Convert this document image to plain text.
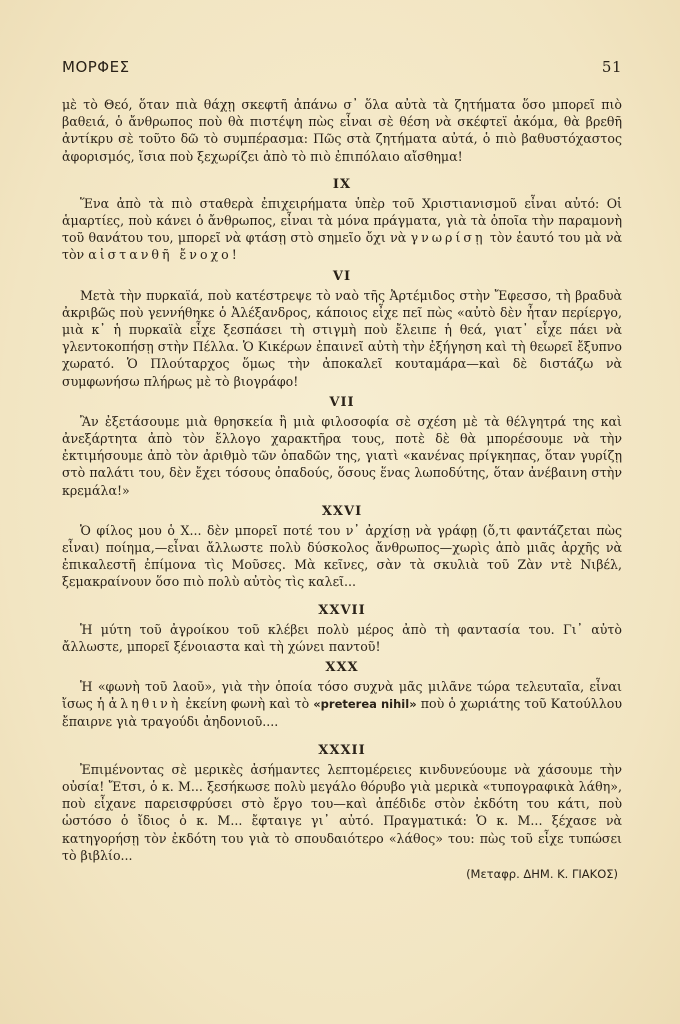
ΜΟΡΦΕΣ	51

μὲ τὸ Θεό, ὅταν πιὰ θάχῃ σκεφτῆ ἀπάνω σ᾽ ὅλα αὐτὰ τὰ ζητήματα ὅσο μπορεῖ πιὸ βαθειά, ὁ ἄνθρωπος ποὺ θὰ πιστέψη πὼς εἶναι σὲ θέση νὰ σκέφτεϊ ἀκόμα, θὰ βρεθῆ ἀντίκρυ σὲ τοῦτο δῶ τὸ συμπέρασμα: Πῶς στὰ ζητήματα αὐτά, ὁ πιὸ βαθυστόχαστος ἀφορισμός, ἴσια ποὺ ξεχωρίζει ἀπὸ τὸ πιὸ ἐπιπόλαιο αἴσθημα!

IX

Ἕνα ἀπὸ τὰ πιὸ σταθερὰ ἐπιχειρήματα ὑπὲρ τοῦ Χριστιανισμοῦ εἶναι αὐτό: Οἱ ἁμαρτίες, ποὺ κάνει ὁ ἄνθρωπος, εἶναι τὰ μόνα πράγματα, γιὰ τὰ ὁποῖα τὴν παραμονὴ τοῦ θανάτου του, μπορεῖ νὰ φτάσῃ στὸ σημεῖο ὄχι νὰ γνωρίσῃ τὸν ἑαυτό του μὰ νὰ τὸν αἰστανθῆ ἔνοχο!

VI

Μετὰ τὴν πυρκαϊά, ποὺ κατέστρεψε τὸ ναὸ τῆς Ἀρτέμιδος στὴν Ἔφεσσο, τὴ βραδυὰ ἀκριβῶς ποὺ γεννήθηκε ὁ Ἀλέξανδρος, κάποιος εἶχε πεῖ πὼς «αὐτὸ δὲν ἦταν περίεργο, μιὰ κ᾽ ἡ πυρκαϊὰ εἶχε ξεσπάσει τὴ στιγμὴ ποὺ ἔλειπε ἡ θεά, γιατ᾽ εἶχε πάει νὰ γλεντοκοπήσῃ στὴν Πέλλα. Ὁ Κικέρων ἐπαινεῖ αὐτὴ τὴν ἐξήγηση καὶ τὴ θεωρεῖ ἔξυπνο χωρατό. Ὁ Πλούταρχος ὅμως τὴν ἀποκαλεῖ κουταμάρα—καὶ δὲ διστάζω νὰ συμφωνήσω πλήρως μὲ τὸ βιογράφο!

VII

Ἂν ἐξετάσουμε μιὰ θρησκεία ἢ μιὰ φιλοσοφία σὲ σχέση μὲ τὰ θέλγητρά της καὶ ἀνεξάρτητα ἀπὸ τὸν ἔλλογο χαρακτῆρα τους, ποτὲ δὲ θὰ μπορέσουμε νὰ τὴν ἐκτιμήσουμε ἀπὸ τὸν ἀριθμὸ τῶν ὀπαδῶν της, γιατὶ «κανένας πρίγκηπας, ὅταν γυρίζῃ στὸ παλάτι του, δὲν ἔχει τόσους ὀπαδούς, ὅσους ἕνας λωποδύτης, ὅταν ἀνέβαινη στὴν κρεμάλα!»

XXVI

Ὁ φίλος μου ὁ Χ... δὲν μπορεῖ ποτέ του ν᾽ ἀρχίσῃ νὰ γράφῃ (ὅ,τι φαντάζεται πὼς εἶναι) ποίημα,—εἶναι ἄλλωστε πολὺ δύσκολος ἄνθρωπος—χωρὶς ἀπὸ μιᾶς ἀρχῆς νὰ ἐπικαλεστῆ ἐπίμονα τὶς Μοῦσες. Μὰ κεῖνες, σὰν τὰ σκυλιὰ τοῦ Ζὰν ντὲ Νιβέλ, ξεμακραίνουν ὅσο πιὸ πολὺ αὐτὸς τὶς καλεῖ...

XXVII

Ἡ μύτη τοῦ ἀγροίκου τοῦ κλέβει πολὺ μέρος ἀπὸ τὴ φαντασία του. Γι᾽ αὐτὸ ἄλλωστε, μπορεῖ ξένοιαστα καὶ τὴ χώνει παντοῦ!

XXX

Ἡ «φωνὴ τοῦ λαοῦ», γιὰ τὴν ὁποία τόσο συχνὰ μᾶς μιλᾶνε τώρα τελευταῖα, εἶναι ἴσως ἡ ἀληθινὴ ἐκείνη φωνὴ καὶ τὸ «preterea nihil» ποὺ ὁ χωριάτης τοῦ Κατούλλου ἔπαιρνε γιὰ τραγούδι ἀηδονιοῦ....

XXXII

Ἐπιμένοντας σὲ μερικὲς ἀσήμαντες λεπτομέρειες κινδυνεύουμε νὰ χάσουμε τὴν οὐσία! Ἔτσι, ὁ κ. Μ... ξεσήκωσε πολὺ μεγάλο θόρυβο γιὰ μερικὰ «τυπογραφικὰ λάθη», ποὺ εἶχανε παρεισφρύσει στὸ ἔργο του—καὶ ἀπέδιδε στὸν ἐκδότη του κάτι, ποὺ ὡστόσο ὁ ἴδιος ὁ κ. Μ... ἔφταιγε γι᾽ αὐτό. Πραγματικά: Ὁ κ. Μ... ξέχασε νὰ κατηγορήσῃ τὸν ἐκδότη του γιὰ τὸ σπουδαιότερο «λάθος» του: πὼς τοῦ εἶχε τυπώσει τὸ βιβλίο...

(Μεταφρ. ΔΗΜ. Κ. ΓΙΑΚΟΣ)
